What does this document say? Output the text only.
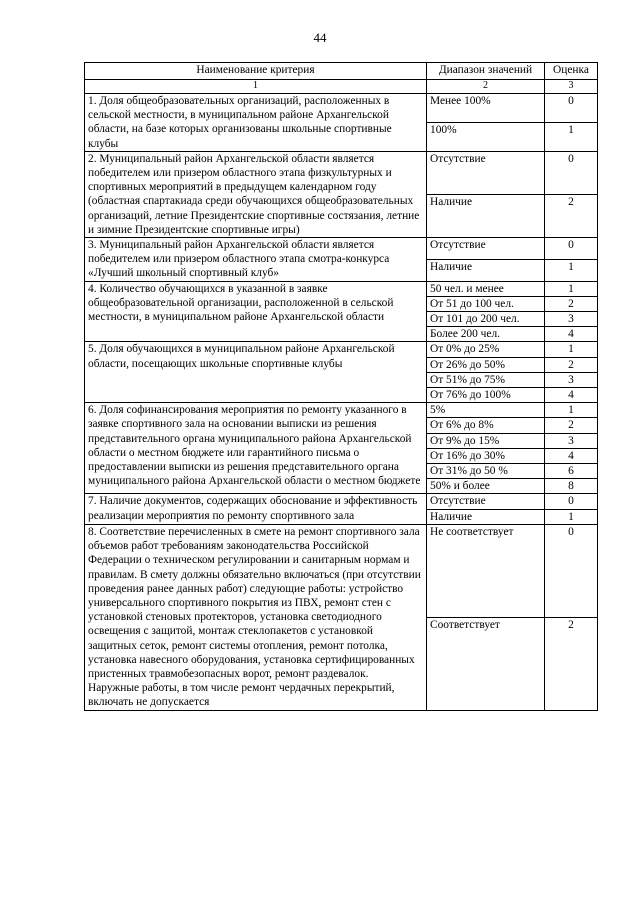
44
Наименование критерия	Диапазон значений	Оценка
1	2	3

1. Доля общеобразовательных организаций, расположенных в сельской местности, в муниципальном районе Архангельской области, на базе которых организованы школьные спортивные клубы	Менее 100%	0
	100%	1

2. Муниципальный район Архангельской области является победителем или призером областного этапа физкультурных и спортивных мероприятий в предыдущем календарном году (областная спартакиада среди обучающихся общеобразовательных организаций, летние Президентские спортивные состязания, летние и зимние Президентские спортивные игры)	Отсутствие	0
	Наличие	2

3. Муниципальный район Архангельской области является победителем или призером областного этапа смотра-конкурса «Лучший школьный спортивный клуб»	Отсутствие	0
	Наличие	1

4. Количество обучающихся в указанной в заявке общеобразовательной организации, расположенной в сельской местности, в муниципальном районе Архангельской области	50 чел. и менее	1
	От 51 до 100 чел.	2
	От 101 до 200 чел.	3
	Более 200 чел.	4

5. Доля обучающихся в муниципальном районе Архангельской области, посещающих школьные спортивные клубы	От 0% до 25%	1
	От 26% до 50%	2
	От 51% до 75%	3
	От 76% до 100%	4

6. Доля софинансирования мероприятия по ремонту указанного в заявке спортивного зала на основании выписки из решения представительного органа муниципального района Архангельской области о местном бюджете или гарантийного письма о предоставлении выписки из решения представительного органа муниципального района Архангельской области о местном бюджете	5%	1
	От 6% до 8%	2
	От 9% до 15%	3
	От 16% до 30%	4
	От 31% до 50 %	6
	50% и более	8

7. Наличие документов, содержащих обоснование и эффективность реализации мероприятия по ремонту спортивного зала	Отсутствие	0
	Наличие	1

8. Соответствие перечисленных в смете на ремонт спортивного зала объемов работ требованиям законодательства Российской Федерации о техническом регулировании и санитарным нормам и правилам. В смету должны обязательно включаться (при отсутствии проведения ранее данных работ) следующие работы: устройство универсального спортивного покрытия из ПВХ, ремонт стен с установкой стеновых протекторов, установка светодиодного освещения с защитой, монтаж стеклопакетов с установкой защитных сеток, ремонт системы отопления, ремонт потолка, установка навесного оборудования, установка сертифицированных пристенных травмобезопасных ворот, ремонт раздевалок.
Наружные работы, в том числе ремонт чердачных перекрытий, включать не допускается	Не соответствует	0
	Соответствует	2
